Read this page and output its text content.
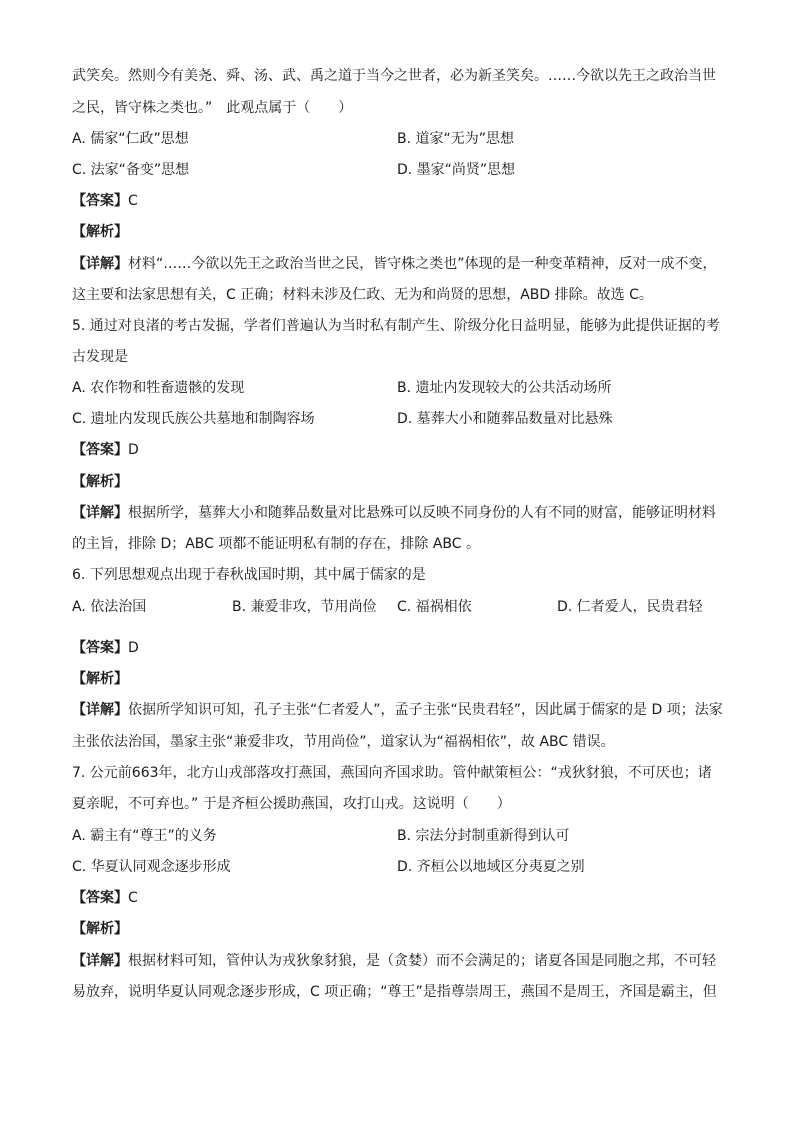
武笑矣。然则今有美尧、舜、汤、武、禹之道于当今之世者，必为新圣笑矣。……今欲以先王之政治当世
之民，皆守株之类也。”　此观点属于（　　）
A. 儒家“仁政”思想	B. 道家“无为”思想
C. 法家“备变”思想	D. 墨家“尚贤”思想
【答案】C
【解析】
【详解】材料“……今欲以先王之政治当世之民，皆守株之类也”体现的是一种变革精神，反对一成不变，
这主要和法家思想有关，C 正确；材料未涉及仁政、无为和尚贤的思想，ABD 排除。故选 C。
5. 通过对良渚的考古发掘，学者们普遍认为当时私有制产生、阶级分化日益明显，能够为此提供证据的考
古发现是
A. 农作物和牲畜遗骸的发现	B. 遗址内发现较大的公共活动场所
C. 遗址内发现氏族公共墓地和制陶容场	D. 墓葬大小和随葬品数量对比悬殊
【答案】D
【解析】
【详解】根据所学，墓葬大小和随葬品数量对比悬殊可以反映不同身份的人有不同的财富，能够证明材料
的主旨，排除 D；ABC 项都不能证明私有制的存在，排除 ABC 。
6. 下列思想观点出现于春秋战国时期，其中属于儒家的是
A. 依法治国	B. 兼爱非攻，节用尚俭 C. 福祸相依	D. 仁者爱人，民贵君轻
【答案】D
【解析】
【详解】依据所学知识可知，孔子主张“仁者爱人”，孟子主张“民贵君轻”，因此属于儒家的是 D 项；法家
主张依法治国，墨家主张“兼爱非攻，节用尚俭”，道家认为“福祸相依”，故 ABC 错误。
7. 公元前663年，北方山戎部落攻打燕国，燕国向齐国求助。管仲献策桓公：“戎狄豺狼，不可厌也；诸
夏亲昵，不可弃也。” 于是齐桓公援助燕国，攻打山戎。这说明（　　）
A. 霸主有“尊王”的义务	B. 宗法分封制重新得到认可
C. 华夏认同观念逐步形成	D. 齐桓公以地域区分夷夏之别
【答案】C
【解析】
【详解】根据材料可知，管仲认为戎狄象豺狼，是（贪婪）而不会满足的；诸夏各国是同胞之邦，不可轻
易放弃，说明华夏认同观念逐步形成，C 项正确；“尊王”是指尊崇周王，燕国不是周王，齐国是霸主，但
